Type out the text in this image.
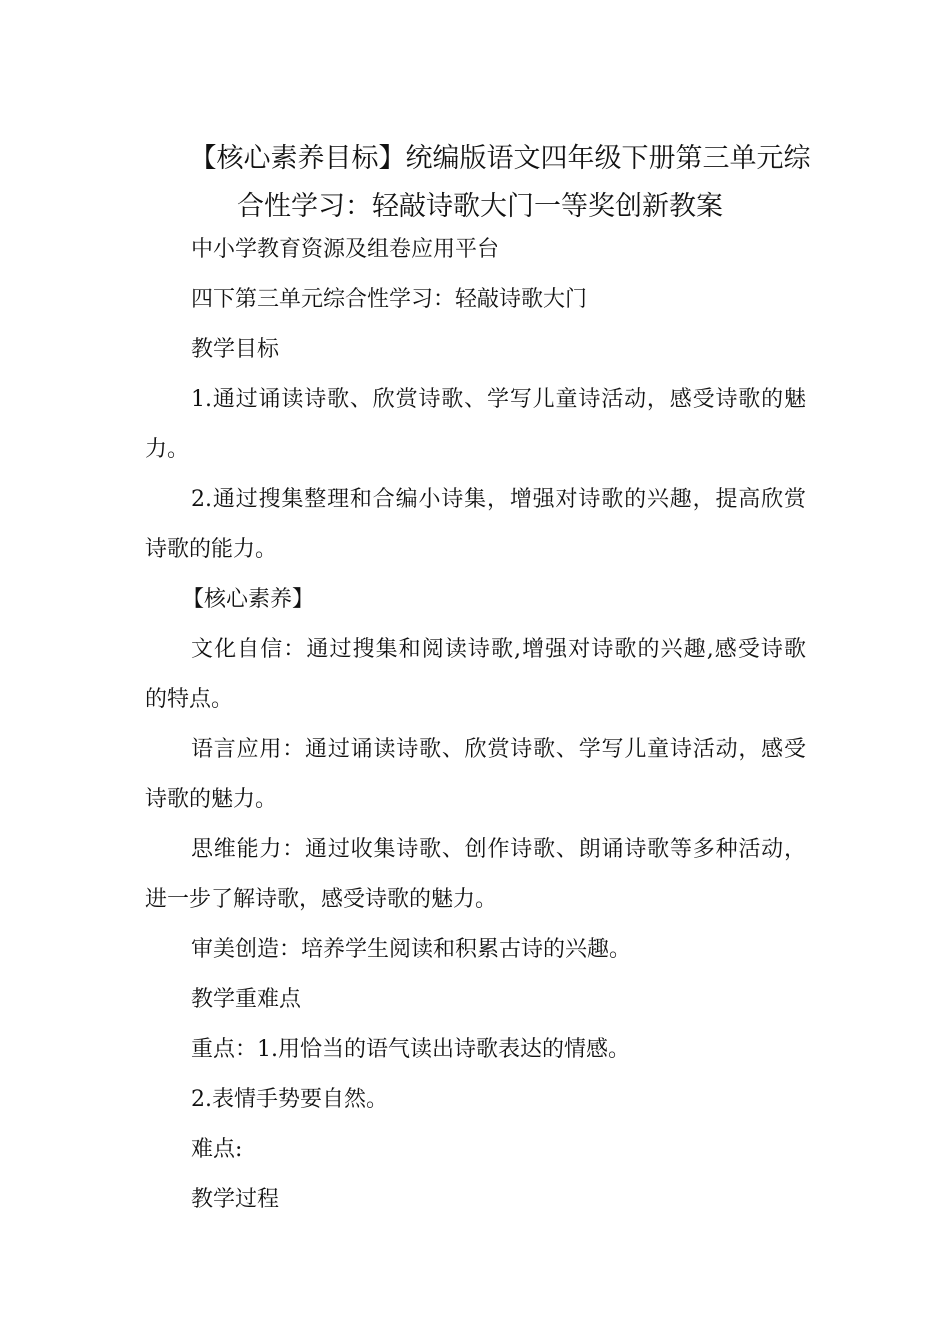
【核心素养目标】统编版语文四年级下册第三单元综
合性学习：轻敲诗歌大门一等奖创新教案
中小学教育资源及组卷应用平台
四下第三单元综合性学习：轻敲诗歌大门
教学目标
1.通过诵读诗歌、欣赏诗歌、学写儿童诗活动，感受诗歌的魅
力。
2.通过搜集整理和合编小诗集，增强对诗歌的兴趣，提高欣赏
诗歌的能力。
【核心素养】
文化自信：通过搜集和阅读诗歌,增强对诗歌的兴趣,感受诗歌
的特点。
语言应用：通过诵读诗歌、欣赏诗歌、学写儿童诗活动，感受
诗歌的魅力。
思维能力：通过收集诗歌、创作诗歌、朗诵诗歌等多种活动，
进一步了解诗歌，感受诗歌的魅力。
审美创造：培养学生阅读和积累古诗的兴趣。
教学重难点
重点：1.用恰当的语气读出诗歌表达的情感。
2.表情手势要自然。
难点:
教学过程
